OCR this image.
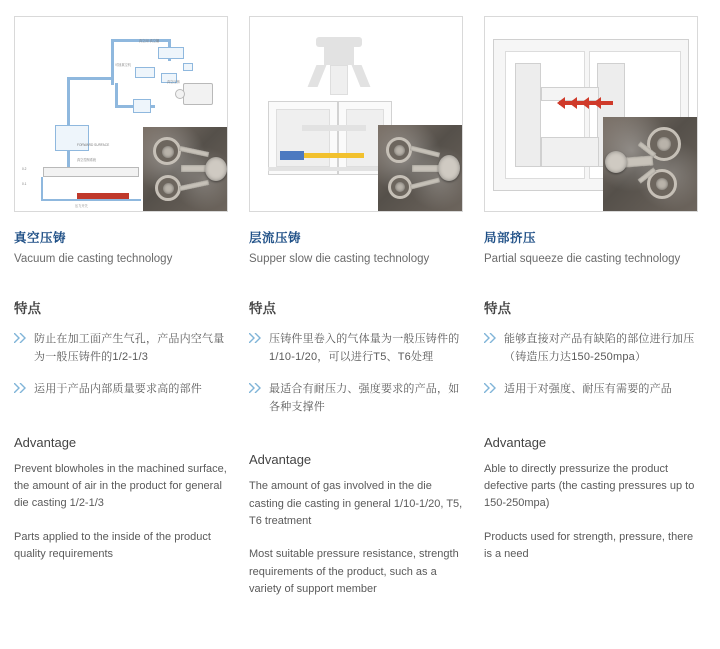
0.1
0.2
压力开关
真空阀·真空罐
可抽真空机
真空压铸
FORWARD SURFACE
真空控制系统
真空压铸
Vacuum die casting technology
特点
防止在加工面产生气孔，产品内空气量为一般压铸件的1/2-1/3
运用于产品内部质量要求高的部件
Advantage
Prevent blowholes in the machined surface, the amount of air in the product for general die casting 1/2-1/3
Parts applied to the inside of the product quality requirements
层流压铸
Supper slow die casting technology
特点
压铸件里卷入的气体量为一般压铸件的1/10-1/20，可以进行T5、T6处理
最适合有耐压力、强度要求的产品，如各种支撑件
Advantage
The amount of gas involved in the die casting die casting in general 1/10-1/20, T5, T6 treatment
Most suitable pressure resistance, strength requirements of the product, such as a variety of support member
局部挤压
Partial squeeze die casting technology
特点
能够直接对产品有缺陷的部位进行加压（铸造压力达150-250mpa）
适用于对强度、耐压有需要的产品
Advantage
Able to directly pressurize the product defective parts (the casting pressures up to 150-250mpa)
Products used for strength, pressure, there is a need
